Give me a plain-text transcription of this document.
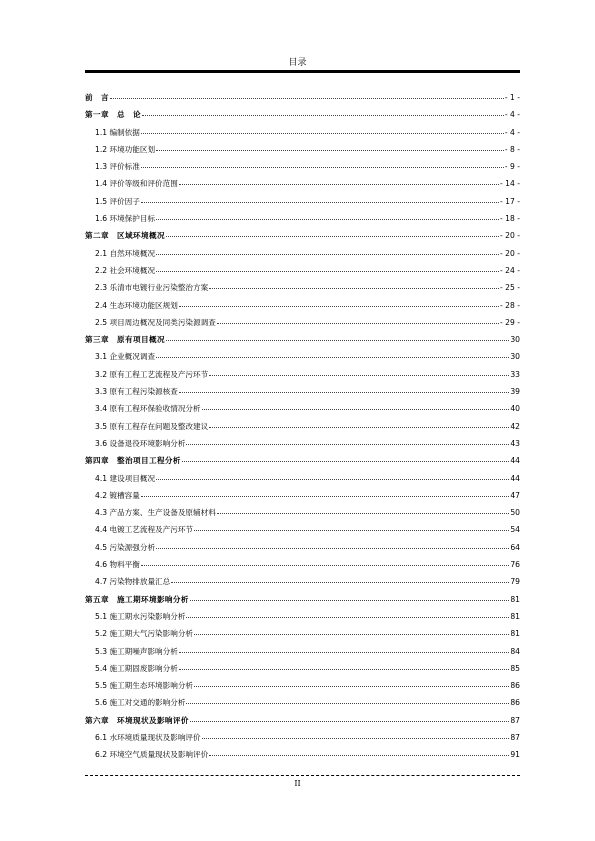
目录
前　言	- 1 -
第一章　总　论	- 4 -
1.1 编制依据	- 4 -
1.2 环境功能区划	- 8 -
1.3 评价标准	- 9 -
1.4 评价等级和评价范围	- 14 -
1.5 评价因子	- 17 -
1.6 环境保护目标	- 18 -
第二章　区域环境概况	- 20 -
2.1 自然环境概况	- 20 -
2.2 社会环境概况	- 24 -
2.3 乐清市电镀行业污染整治方案	- 25 -
2.4 生态环境功能区规划	- 28 -
2.5 项目周边概况及同类污染源调查	- 29 -
第三章　原有项目概况	30
3.1 企业概况调查	30
3.2 原有工程工艺流程及产污环节	33
3.3 原有工程污染源核查	39
3.4 原有工程环保验收情况分析	40
3.5 原有工程存在问题及整改建议	42
3.6 设备退役环境影响分析	43
第四章　整治项目工程分析	44
4.1 建设项目概况	44
4.2 镀槽容量	47
4.3 产品方案、生产设备及原辅材料	50
4.4 电镀工艺流程及产污环节	54
4.5 污染源强分析	64
4.6 物料平衡	76
4.7 污染物排放量汇总	79
第五章　施工期环境影响分析	81
5.1 施工期水污染影响分析	81
5.2 施工期大气污染影响分析	81
5.3 施工期噪声影响分析	84
5.4 施工期固废影响分析	85
5.5 施工期生态环境影响分析	86
5.6 施工对交通的影响分析	86
第六章　环境现状及影响评价	87
6.1 水环境质量现状及影响评价	87
6.2 环境空气质量现状及影响评价	91
II
